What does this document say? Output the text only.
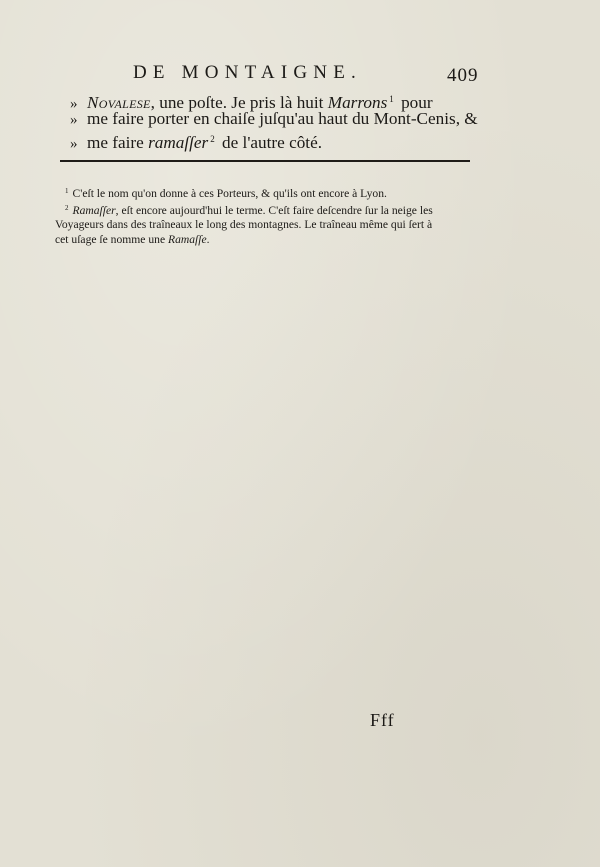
DE MONTAIGNE.	409
» Novalese, une poſte. Je pris là huit Marrons $^1$ pour
» me faire porter en chaiſe juſqu'au haut du Mont-Cenis, &
» me faire ramaſſer $^2$ de l'autre côté.
$^1$ C'eſt le nom qu'on donne à ces Porteurs, & qu'ils ont encore à Lyon.
$^2$ Ramaſſer, eſt encore aujourd'hui le terme. C'eſt faire deſcendre ſur la neige les
Voyageurs dans des traîneaux le long des montagnes. Le traîneau même qui ſert à
cet uſage ſe nomme une Ramaſſe.
Fff
